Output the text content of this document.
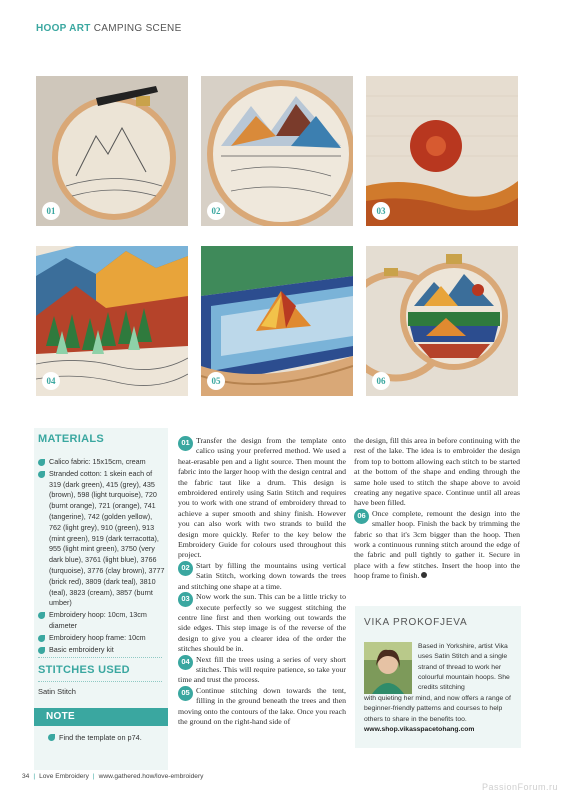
HOOP ART CAMPING SCENE
01	02	03
04	05	06
MATERIALS
Calico fabric: 15x15cm, cream
Stranded cotton: 1 skein each of 319 (dark green), 415 (grey), 435 (brown), 598 (light turquoise), 720 (burnt orange), 721 (orange), 741 (tangerine), 742 (golden yellow), 762 (light grey), 910 (green), 913 (mint green), 919 (dark terracotta), 955 (light mint green), 3750 (very dark blue), 3761 (light blue), 3766 (turquoise), 3776 (clay brown), 3777 (brick red), 3809 (dark teal), 3810 (teal), 3823 (cream), 3857 (burnt umber)
Embroidery hoop: 10cm, 13cm diameter
Embroidery hoop frame: 10cm
Basic embroidery kit
STITCHES USED
Satin Stitch
NOTE
Find the template on p74.

01 Transfer the design from the template onto calico using your preferred method. We used a heat-erasable pen and a light source. Then mount the fabric into the larger hoop with the design central and the fabric taut like a drum. This design is embroidered entirely using Satin Stitch and requires you to work with one strand of embroidery thread to achieve a super smooth and shiny finish. However you can also work with two strands to build the design more quickly. Refer to the key below the Embroidery Guide for colours used throughout this project.

02 Start by filling the mountains using vertical Satin Stitch, working down towards the trees and stitching one shape at a time.

03 Now work the sun. This can be a little tricky to execute perfectly so we suggest stitching the centre line first and then working out towards the side edges. This step image is of the reverse of the design to give you a clearer idea of the order the stitches should be in.

04 Next fill the trees using a series of very short stitches. This will require patience, so take your time and trust the process.

05 Continue stitching down towards the tent, filling in the ground beneath the trees and then moving onto the contours of the lake. Once you reach the ground on the right-hand side of

the design, fill this area in before continuing with the rest of the lake. The idea is to embroider the design from top to bottom allowing each stitch to be started at the bottom of the shape and ending through the same hole used to stitch the shape above to avoid creating any negative space. Continue until all areas have been filled.

06 Once complete, remount the design into the smaller hoop. Finish the back by trimming the fabric so that it's 3cm bigger than the hoop. Then work a continuous running stitch around the edge of the fabric and pull tightly to gather it. Secure in place with a few stitches. Insert the hoop into the hoop frame to finish.

VIKA PROKOFJEVA
Based in Yorkshire, artist Vika uses Satin Stitch and a single strand of thread to work her colourful mountain hoops. She credits stitching
with quieting her mind, and now offers a range of beginner-friendly patterns and courses to help others to share in the benefits too.
www.shop.vikasspacetohang.com
34 | Love Embroidery | www.gathered.how/love-embroidery
PassionForum.ru
